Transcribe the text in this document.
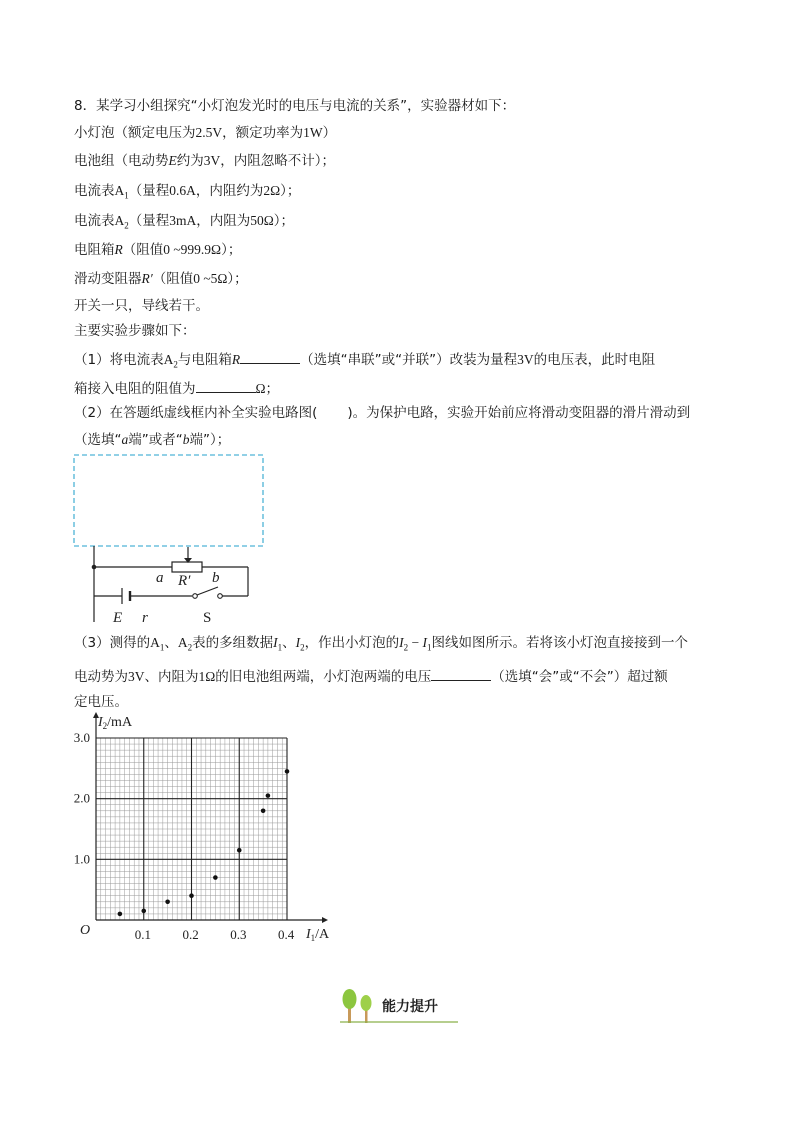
8．某学习小组探究“小灯泡发光时的电压与电流的关系”，实验器材如下：
小灯泡（额定电压为2.5V，额定功率为1W）
电池组（电动势E约为3V，内阻忽略不计）；
电流表$A_1$（量程0.6A，内阻约为2Ω）；
电流表$A_2$（量程3mA，内阻为50Ω）；
电阻箱R（阻值0 ~999.9Ω）；
滑动变阻器R′（阻值0 ~5Ω）；
开关一只，导线若干。
主要实验步骤如下：
（1）将电流表$A_2$与电阻箱R	（选填“串联”或“并联”）改装为量程3V的电压表，此时电阻
箱接入电阻的阻值为	Ω；
（2）在答题纸虚线框内补全实验电路图( )。为保护电路，实验开始前应将滑动变阻器的滑片滑动到
（选填“a端”或者“b端”）；
a R′ b
E r	S
（3）测得的$A_1$、$A_2$表的多组数据$I_1$、$I_2$，作出小灯泡的$I_2 - I_1$图线如图所示。若将该小灯泡直接接到一个
电动势为3V、内阻为1Ω的旧电池组两端，小灯泡两端的电压	（选填“会”或“不会”）超过额
定电压。
0.1 0.2 0.3 0.4
1.0
2.0
3.0
O
$I_2/mA$
$I_1/A$
能力提升
